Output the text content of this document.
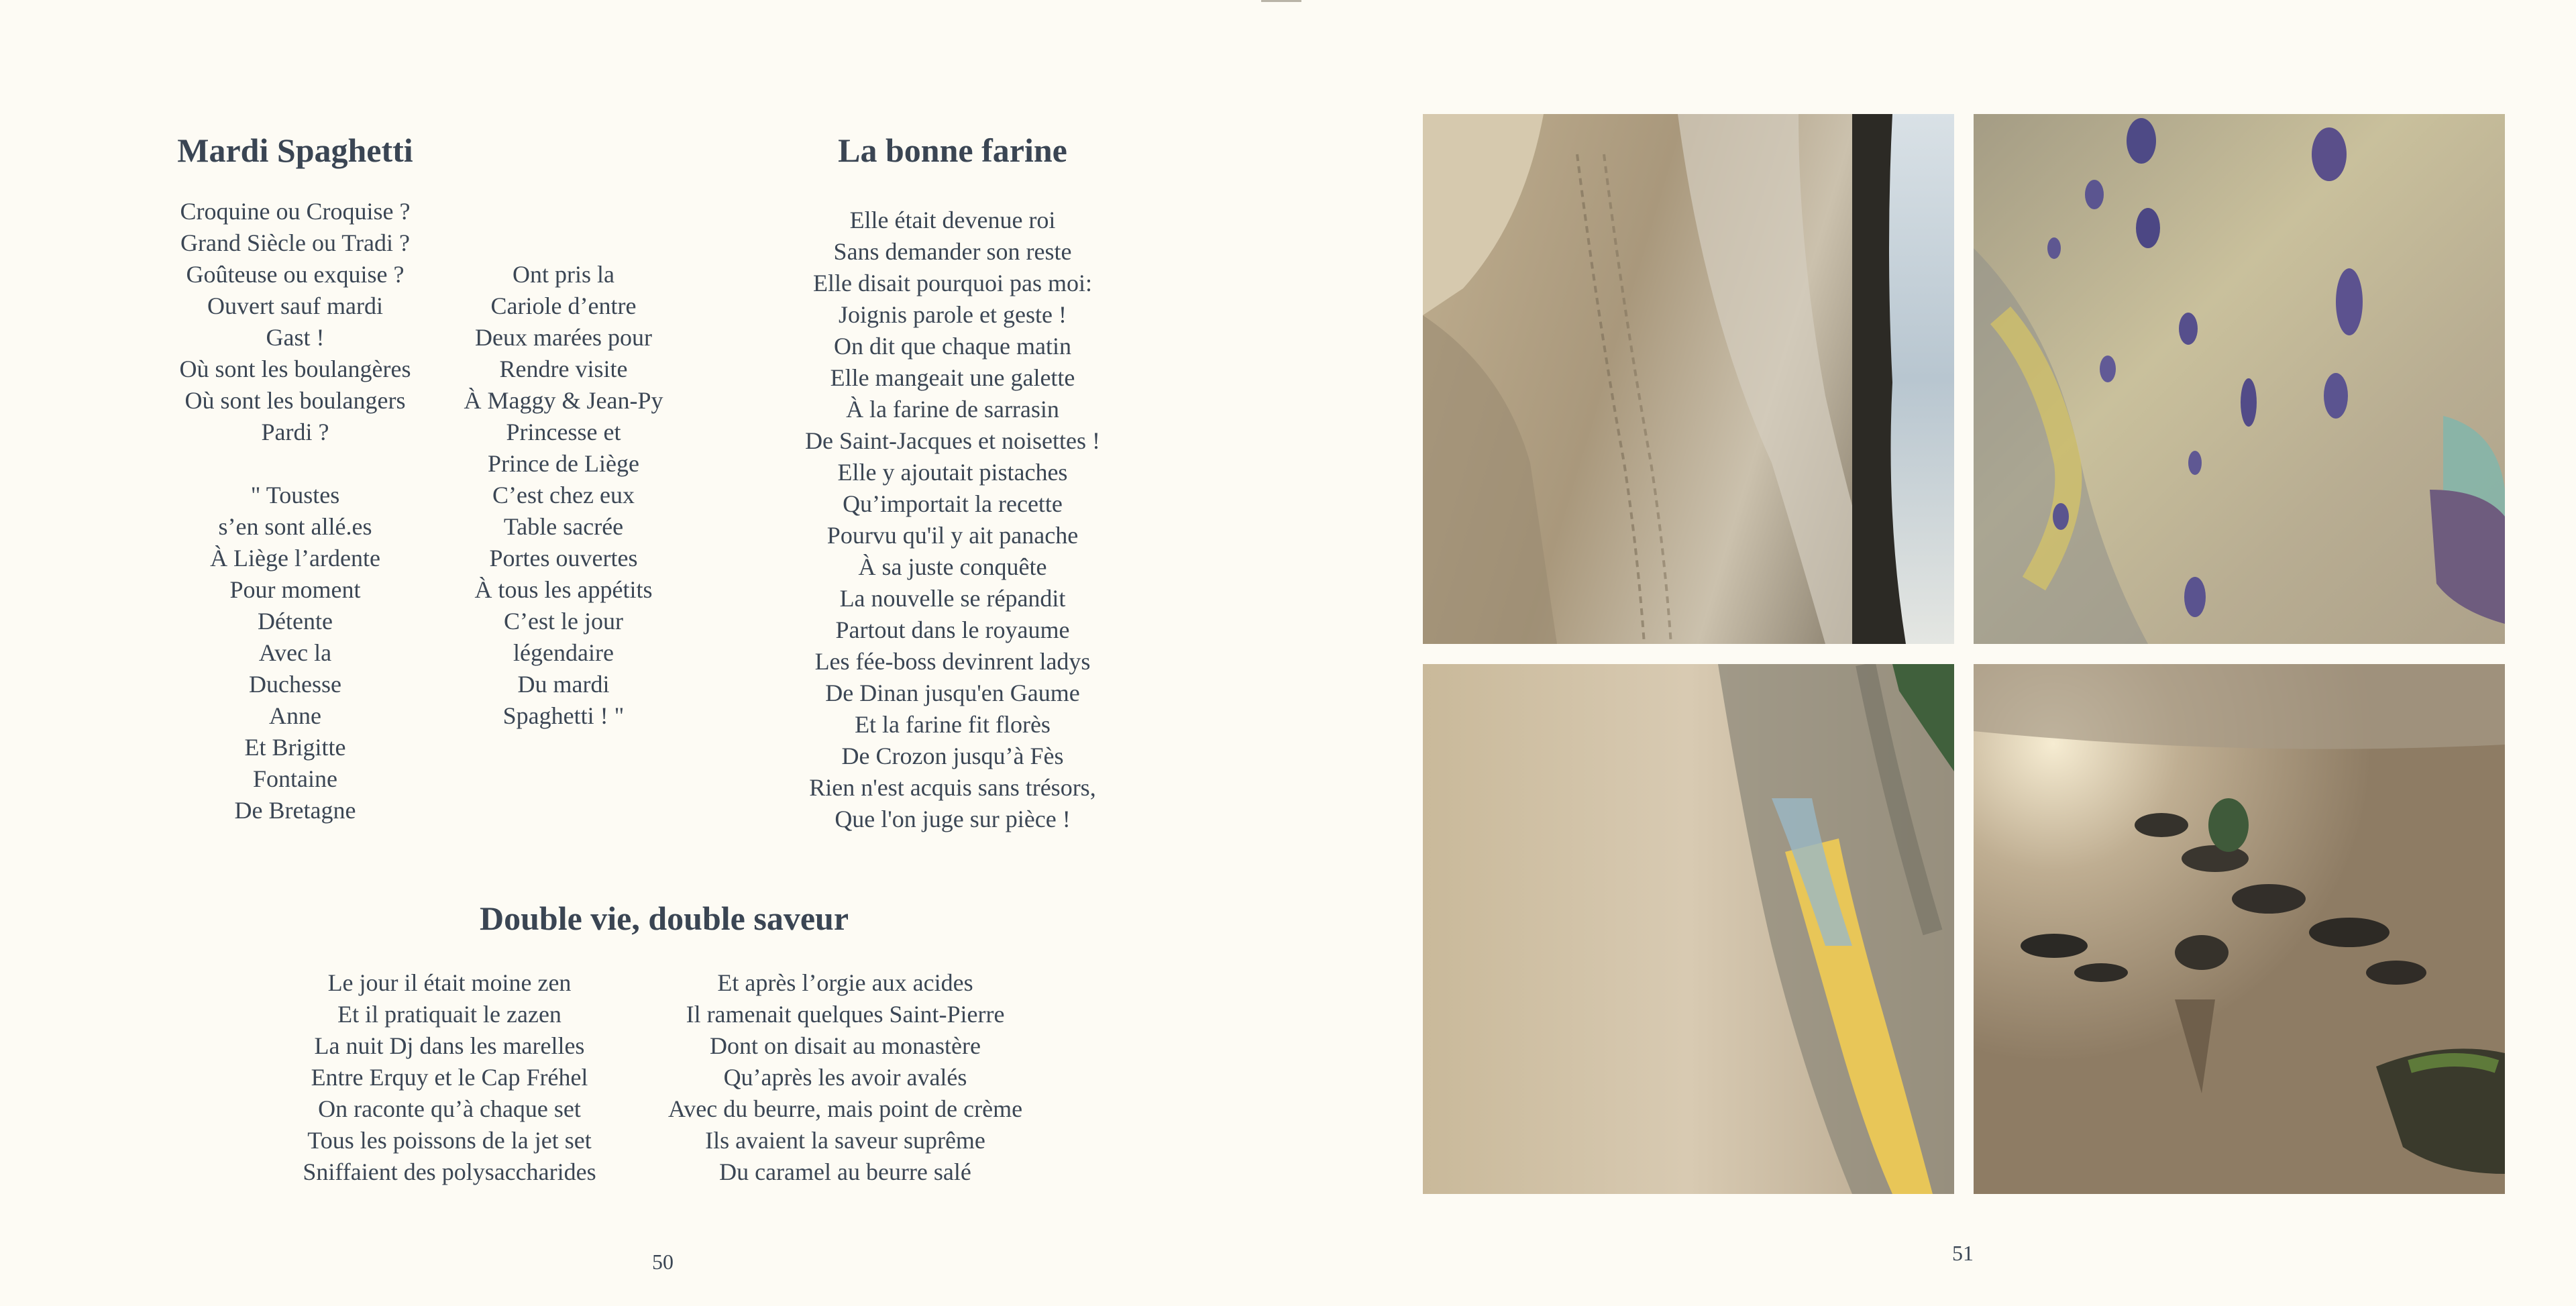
Mardi Spaghetti
Croquine ou Croquise ?
Grand Siècle ou Tradi ?
Goûteuse ou exquise ?
Ouvert sauf mardi
Gast !
Où sont les boulangères
Où sont les boulangers
Pardi ?
" Toustes
s’en sont allé.es
À Liège l’ardente
Pour moment
Détente
Avec la
Duchesse
Anne
Et Brigitte
Fontaine
De Bretagne
Ont pris la
Cariole d’entre
Deux marées pour
Rendre visite
À Maggy & Jean-Py
Princesse et
Prince de Liège
C’est chez eux
Table sacrée
Portes ouvertes
À tous les appétits
C’est le jour
légendaire
Du mardi
Spaghetti ! "
La bonne farine
Elle était devenue roi
Sans demander son reste
Elle disait pourquoi pas moi:
Joignis parole et geste !
On dit que chaque matin
Elle mangeait une galette
À la farine de sarrasin
De Saint-Jacques et noisettes !
Elle y ajoutait pistaches
Qu’importait la recette
Pourvu qu'il y ait panache
À sa juste conquête
La nouvelle se répandit
Partout dans le royaume
Les fée-boss devinrent ladys
De Dinan jusqu'en Gaume
Et la farine fit florès
De Crozon jusqu’à Fès
Rien n'est acquis sans trésors,
Que l'on juge sur pièce !
Double vie, double saveur
Le jour il était moine zen
Et il pratiquait le zazen
La nuit Dj dans les marelles
Entre Erquy et le Cap Fréhel
On raconte qu’à chaque set
Tous les poissons de la jet set
Sniffaient des polysaccharides
Et après l’orgie aux acides
Il ramenait quelques Saint-Pierre
Dont on disait au monastère
Qu’après les avoir avalés
Avec du beurre, mais point de crème
Ils avaient la saveur suprême
Du caramel au beurre salé
50	51
